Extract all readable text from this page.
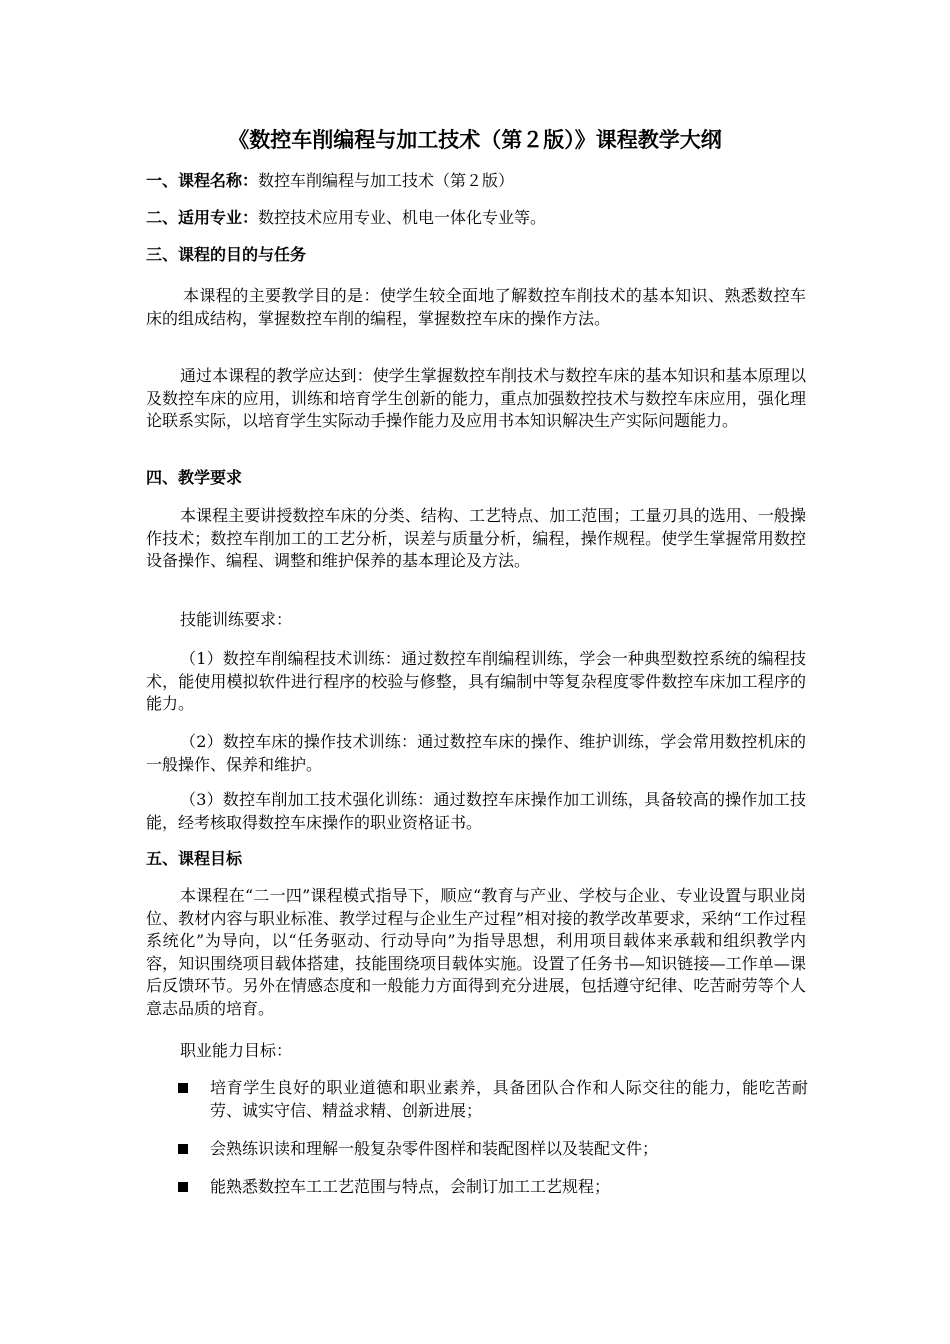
《数控车削编程与加工技术（第２版）》课程教学大纲
一、课程名称：数控车削编程与加工技术（第２版）
二、适用专业：数控技术应用专业、机电一体化专业等。
三、课程的目的与任务
本课程的主要教学目的是：使学生较全面地了解数控车削技术的基本知识、熟悉数控车床的组成结构，掌握数控车削的编程，掌握数控车床的操作方法。
通过本课程的教学应达到：使学生掌握数控车削技术与数控车床的基本知识和基本原理以及数控车床的应用，训练和培育学生创新的能力，重点加强数控技术与数控车床应用，强化理论联系实际，以培育学生实际动手操作能力及应用书本知识解决生产实际问题能力。
四、教学要求
本课程主要讲授数控车床的分类、结构、工艺特点、加工范围；工量刃具的选用、一般操作技术；数控车削加工的工艺分析，误差与质量分析，编程，操作规程。使学生掌握常用数控设备操作、编程、调整和维护保养的基本理论及方法。
技能训练要求：
（1）数控车削编程技术训练：通过数控车削编程训练，学会一种典型数控系统的编程技术，能使用模拟软件进行程序的校验与修整，具有编制中等复杂程度零件数控车床加工程序的能力。
（2）数控车床的操作技术训练：通过数控车床的操作、维护训练，学会常用数控机床的一般操作、保养和维护。
（3）数控车削加工技术强化训练：通过数控车床操作加工训练，具备较高的操作加工技能，经考核取得数控车床操作的职业资格证书。
五、课程目标
本课程在“二一四”课程模式指导下，顺应“教育与产业、学校与企业、专业设置与职业岗位、教材内容与职业标准、教学过程与企业生产过程”相对接的教学改革要求，采纳“工作过程系统化”为导向，以“任务驱动、行动导向”为指导思想，利用项目载体来承载和组织教学内容，知识围绕项目载体搭建，技能围绕项目载体实施。设置了任务书—知识链接—工作单—课后反馈环节。另外在情感态度和一般能力方面得到充分进展，包括遵守纪律、吃苦耐劳等个人意志品质的培育。
职业能力目标：
培育学生良好的职业道德和职业素养，具备团队合作和人际交往的能力，能吃苦耐劳、诚实守信、精益求精、创新进展；
会熟练识读和理解一般复杂零件图样和装配图样以及装配文件；
能熟悉数控车工工艺范围与特点，会制订加工工艺规程；
